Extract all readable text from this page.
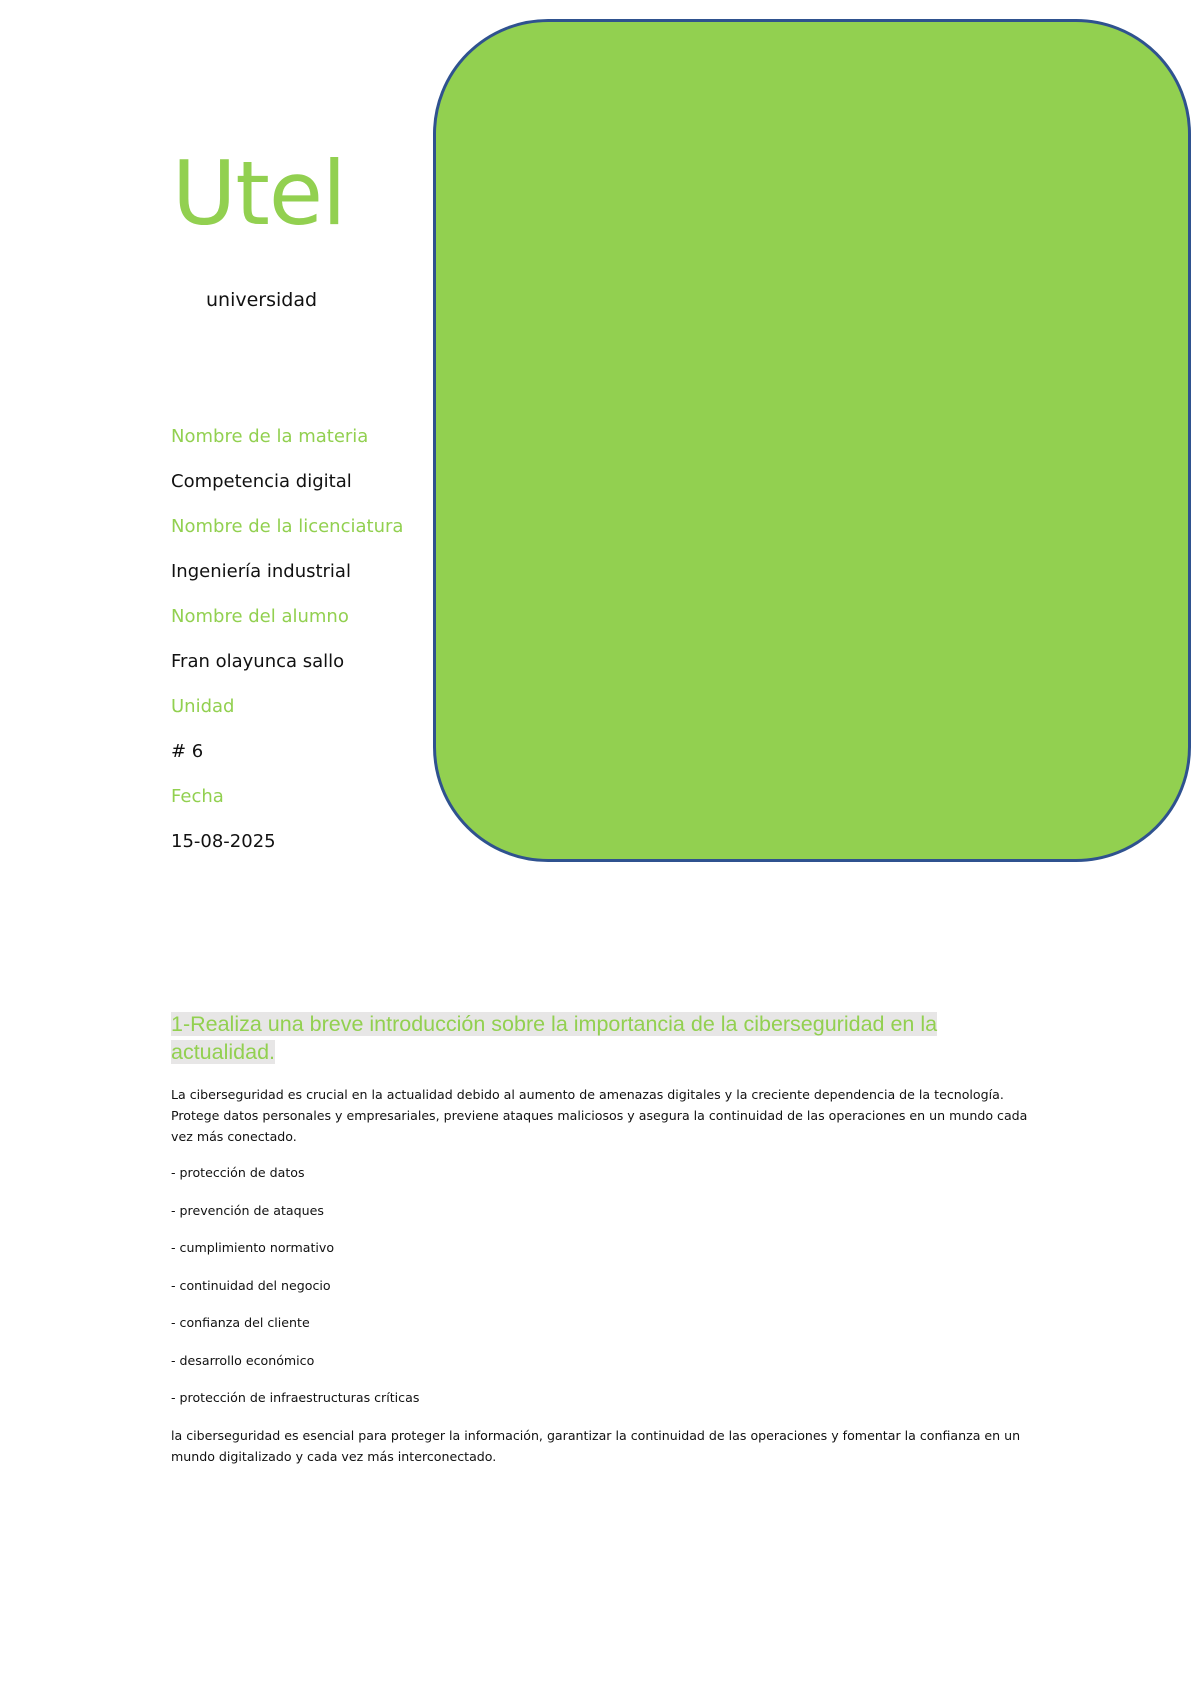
Utel
universidad
Nombre de la materia
Competencia digital
Nombre de la licenciatura
Ingeniería industrial
Nombre del alumno
Fran olayunca sallo
Unidad
# 6
Fecha
15-08-2025

1-Realiza una breve introducción sobre la importancia de la ciberseguridad en la actualidad.

La ciberseguridad es crucial en la actualidad debido al aumento de amenazas digitales y la creciente dependencia de la tecnología. Protege datos personales y empresariales, previene ataques maliciosos y asegura la continuidad de las operaciones en un mundo cada vez más conectado.

- protección de datos

- prevención de ataques

- cumplimiento normativo

- continuidad del negocio

- confianza del cliente

- desarrollo económico

- protección de infraestructuras críticas

la ciberseguridad es esencial para proteger la información, garantizar la continuidad de las operaciones y fomentar la confianza en un mundo digitalizado y cada vez más interconectado.
